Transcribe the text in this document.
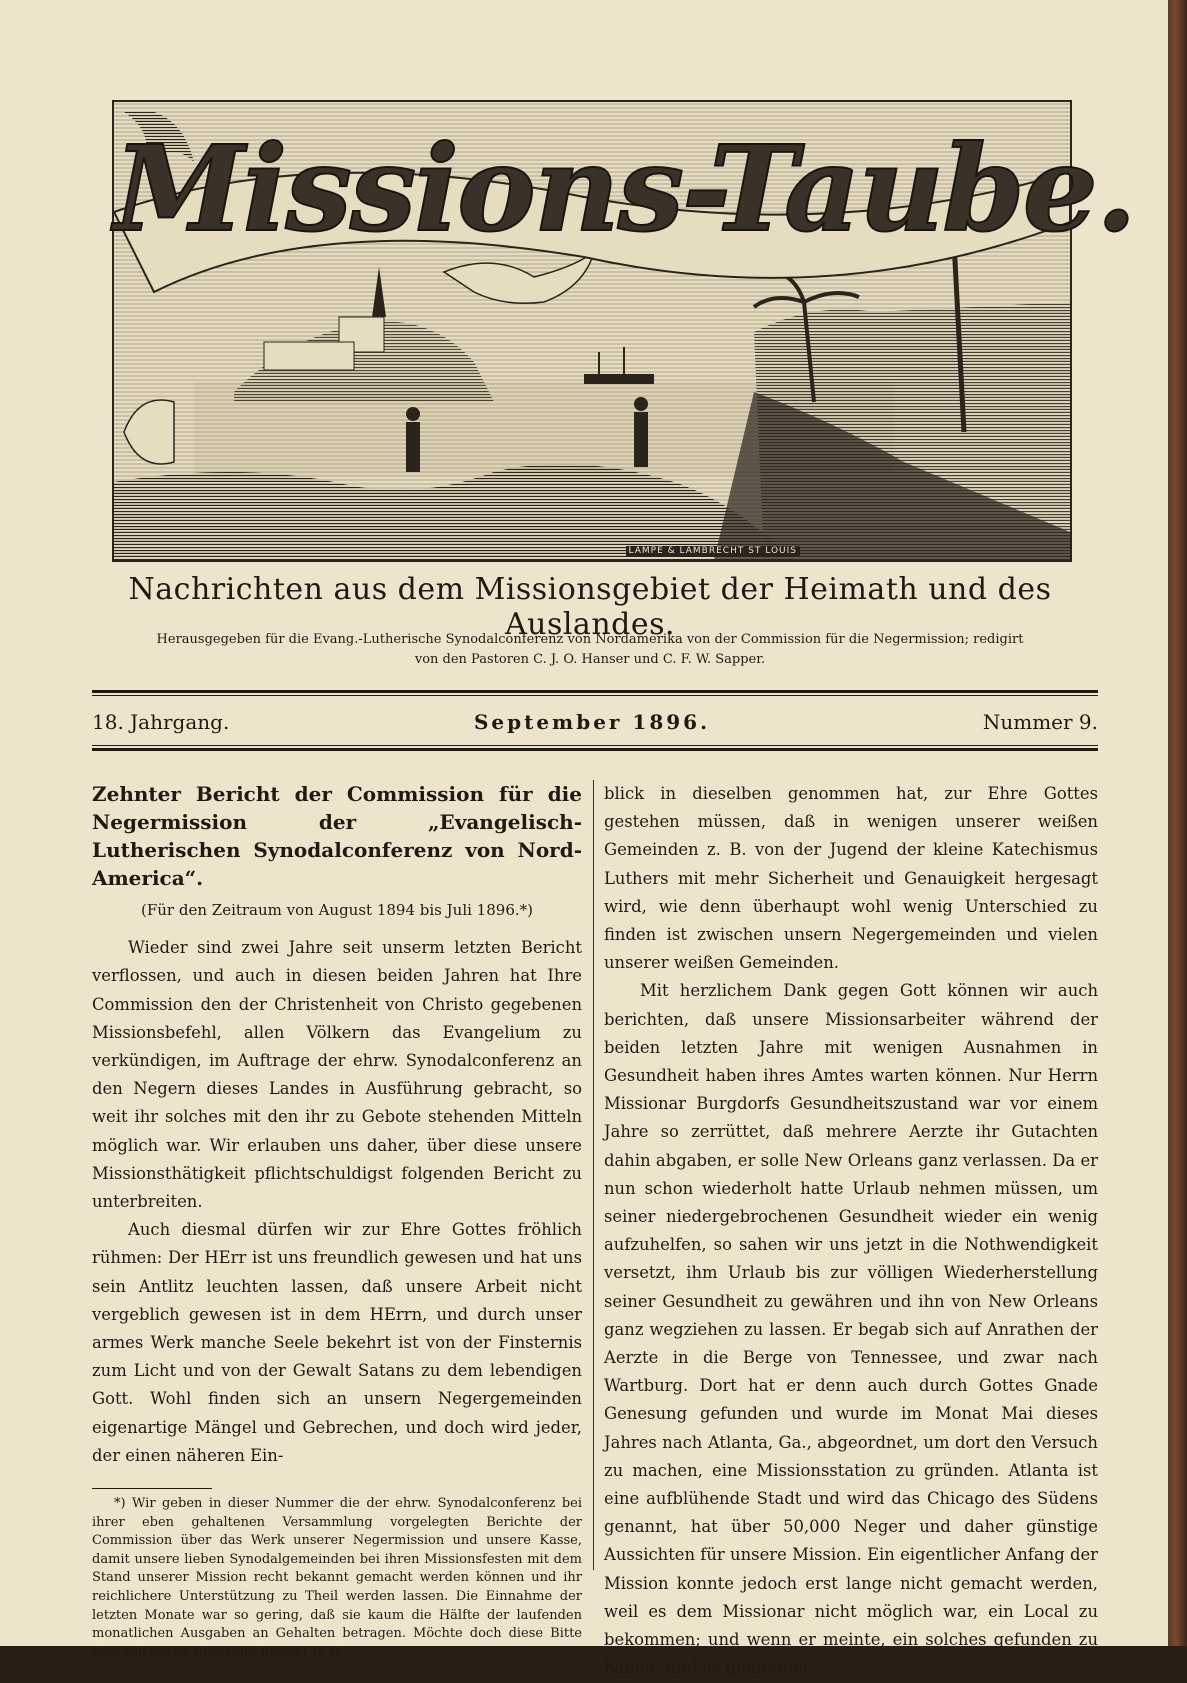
Missions-Taube.
LAMPE & LAMBRECHT ST LOUIS
Nachrichten aus dem Missionsgebiet der Heimath und des Auslandes.
Herausgegeben für die Evang.-Lutherische Synodalconferenz von Nordamerika von der Commission für die Negermission; redigirt
von den Pastoren C. J. O. Hanser und C. F. W. Sapper.
18. Jahrgang.	September 1896.	Nummer 9.
Zehnter Bericht der Commission für die Negermission der „Evangelisch-Lutherischen Synodalconferenz von Nord-America“.
(Für den Zeitraum von August 1894 bis Juli 1896.*)

Wieder sind zwei Jahre seit unserm letzten Bericht verflossen, und auch in diesen beiden Jahren hat Ihre Commission den der Christenheit von Christo gegebenen Missionsbefehl, allen Völkern das Evangelium zu verkündigen, im Auftrage der ehrw. Synodalconferenz an den Negern dieses Landes in Ausführung gebracht, so weit ihr solches mit den ihr zu Gebote stehenden Mitteln möglich war. Wir erlauben uns daher, über diese unsere Missionsthätigkeit pflichtschuldigst folgenden Bericht zu unterbreiten.

Auch diesmal dürfen wir zur Ehre Gottes fröhlich rühmen: Der HErr ist uns freundlich gewesen und hat uns sein Antlitz leuchten lassen, daß unsere Arbeit nicht vergeblich gewesen ist in dem HErrn, und durch unser armes Werk manche Seele bekehrt ist von der Finsternis zum Licht und von der Gewalt Satans zu dem lebendigen Gott. Wohl finden sich an unsern Negergemeinden eigenartige Mängel und Gebrechen, und doch wird jeder, der einen näheren Ein-

*) Wir geben in dieser Nummer die der ehrw. Synodalconferenz bei ihrer eben gehaltenen Versammlung vorgelegten Berichte der Commission über das Werk unserer Negermission und unsere Kasse, damit unsere lieben Synodalgemeinden bei ihren Missionsfesten mit dem Stand unserer Mission recht bekannt gemacht werden können und ihr reichlichere Unterstützung zu Theil werden lassen. Die Einnahme der letzten Monate war so gering, daß sie kaum die Hälfte der laufenden monatlichen Ausgaben an Gehalten betragen. Möchte doch diese Bitte eine reichliche Erhörung finden! D. R.

blick in dieselben genommen hat, zur Ehre Gottes gestehen müssen, daß in wenigen unserer weißen Gemeinden z. B. von der Jugend der kleine Katechismus Luthers mit mehr Sicherheit und Genauigkeit hergesagt wird, wie denn überhaupt wohl wenig Unterschied zu finden ist zwischen unsern Negergemeinden und vielen unserer weißen Gemeinden.

Mit herzlichem Dank gegen Gott können wir auch berichten, daß unsere Missionsarbeiter während der beiden letzten Jahre mit wenigen Ausnahmen in Gesundheit haben ihres Amtes warten können. Nur Herrn Missionar Burgdorfs Gesundheitszustand war vor einem Jahre so zerrüttet, daß mehrere Aerzte ihr Gutachten dahin abgaben, er solle New Orleans ganz verlassen. Da er nun schon wiederholt hatte Urlaub nehmen müssen, um seiner niedergebrochenen Gesundheit wieder ein wenig aufzuhelfen, so sahen wir uns jetzt in die Nothwendigkeit versetzt, ihm Urlaub bis zur völligen Wiederherstellung seiner Gesundheit zu gewähren und ihn von New Orleans ganz wegziehen zu lassen. Er begab sich auf Anrathen der Aerzte in die Berge von Tennessee, und zwar nach Wartburg. Dort hat er denn auch durch Gottes Gnade Genesung gefunden und wurde im Monat Mai dieses Jahres nach Atlanta, Ga., abgeordnet, um dort den Versuch zu machen, eine Missionsstation zu gründen. Atlanta ist eine aufblühende Stadt und wird das Chicago des Südens genannt, hat über 50,000 Neger und daher günstige Aussichten für unsere Mission. Ein eigentlicher Anfang der Mission konnte jedoch erst lange nicht gemacht werden, weil es dem Missionar nicht möglich war, ein Local zu bekommen; und wenn er meinte, ein solches gefunden zu haben, und es gemiethet
